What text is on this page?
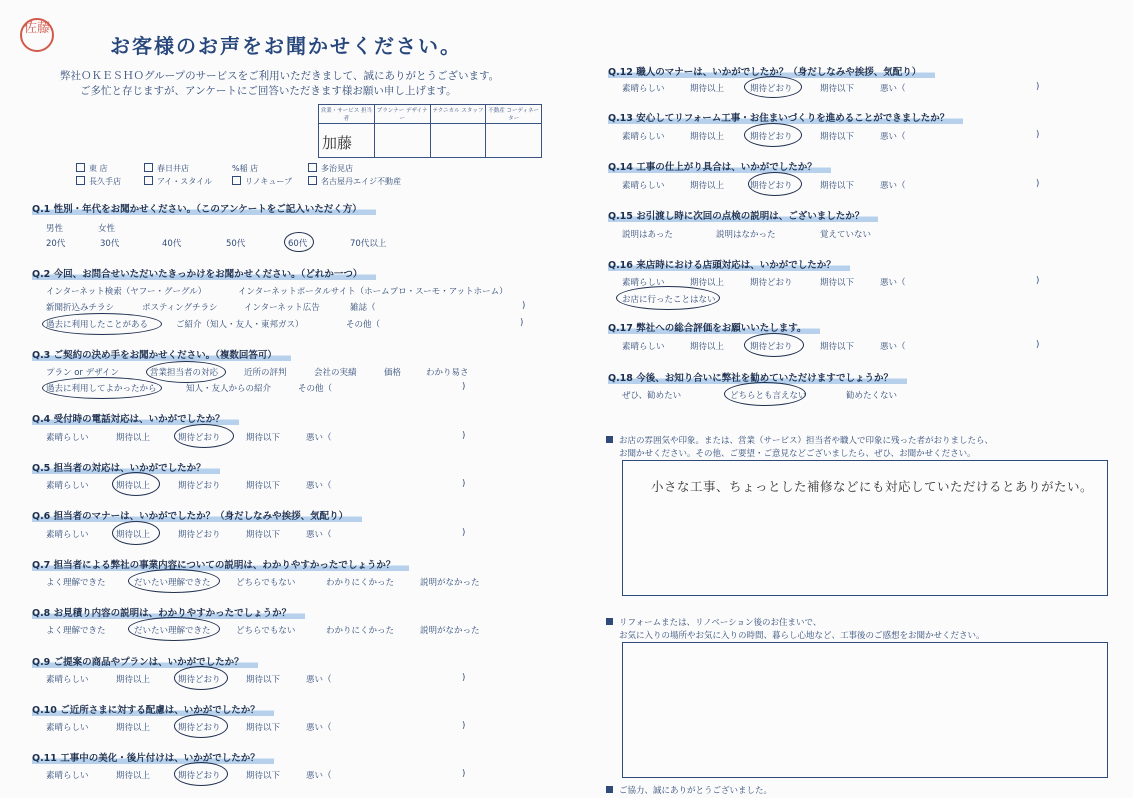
佐藤
お客様のお声をお聞かせください。
弊社ＯＫＥＳＨＯグループのサービスをご利用いただきまして、誠にありがとうございます。
ご多忙と存じますが、アンケートにご回答いただきます様お願い申し上げます。
営業・サービス 担当者	プランナー デザイナー	テクニカル スタッフ	不動産 コーディネーター

加藤
東 店	春日井店	%稲 店	多治見店
長久手店	アイ・スタイル	リノキューブ	名古屋丹エイジ不動産
Q.1 性別・年代をお聞かせください。（このアンケートをご記入いただく方）
男性	女性
20代	30代	40代	50代	60代	70代以上
Q.2 今回、お問合せいただいたきっかけをお聞かせください。（どれか一つ）
インターネット検索（ヤフー・グーグル）	インターネットポータルサイト（ホームプロ・スーモ・アットホーム）
新聞折込みチラシ	ポスティングチラシ	インターネット広告	雑誌（	)
過去に利用したことがある	ご紹介（知人・友人・東邦ガス）	その他（	)
Q.3 ご契約の決め手をお聞かせください。（複数回答可）
プラン or デザイン	営業担当者の対応	近所の評判	会社の実績	価格	わかり易さ
過去に利用してよかったから	知人・友人からの紹介	その他（	)
Q.4 受付時の電話対応は、いかがでしたか？
素晴らしい	期待以上	期待どおり	期待以下	悪い（	)
Q.5 担当者の対応は、いかがでしたか？
素晴らしい	期待以上	期待どおり	期待以下	悪い（	)
Q.6 担当者のマナーは、いかがでしたか？（身だしなみや挨拶、気配り）
素晴らしい	期待以上	期待どおり	期待以下	悪い（	)
Q.7 担当者による弊社の事業内容についての説明は、わかりやすかったでしょうか？
よく理解できた	だいたい理解できた	どちらでもない	わかりにくかった	説明がなかった
Q.8 お見積り内容の説明は、わかりやすかったでしょうか？
よく理解できた	だいたい理解できた	どちらでもない	わかりにくかった	説明がなかった
Q.9 ご提案の商品やプランは、いかがでしたか？
素晴らしい	期待以上	期待どおり	期待以下	悪い（	)
Q.10 ご近所さまに対する配慮は、いかがでしたか？
素晴らしい	期待以上	期待どおり	期待以下	悪い（	)
Q.11 工事中の美化・後片付けは、いかがでしたか？
素晴らしい	期待以上	期待どおり	期待以下	悪い（	)
Q.12 職人のマナーは、いかがでしたか？（身だしなみや挨拶、気配り）
素晴らしい	期待以上	期待どおり	期待以下	悪い（	)
Q.13 安心してリフォーム工事・お住まいづくりを進めることができましたか？
素晴らしい	期待以上	期待どおり	期待以下	悪い（	)
Q.14 工事の仕上がり具合は、いかがでしたか？
素晴らしい	期待以上	期待どおり	期待以下	悪い（	)
Q.15 お引渡し時に次回の点検の説明は、ございましたか？
説明はあった	説明はなかった	覚えていない
Q.16 来店時における店頭対応は、いかがでしたか？
素晴らしい	期待以上	期待どおり	期待以下	悪い（	)
お店に行ったことはない
Q.17 弊社への総合評価をお願いいたします。
素晴らしい	期待以上	期待どおり	期待以下	悪い（	)
Q.18 今後、お知り合いに弊社を勧めていただけますでしょうか？
ぜひ、勧めたい	どちらとも言えない	勧めたくない
お店の雰囲気や印象。または、営業（サービス）担当者や職人で印象に残った者がおりましたら、
お聞かせください。その他、ご要望・ご意見などございましたら、ぜひ、お聞かせください。
小さな工事、ちょっとした補修などにも対応していただけるとありがたい。
リフォームまたは、リノベーション後のお住まいで、
お気に入りの場所やお気に入りの時間、暮らし心地など、工事後のご感想をお聞かせください。
ご協力、誠にありがとうございました。
